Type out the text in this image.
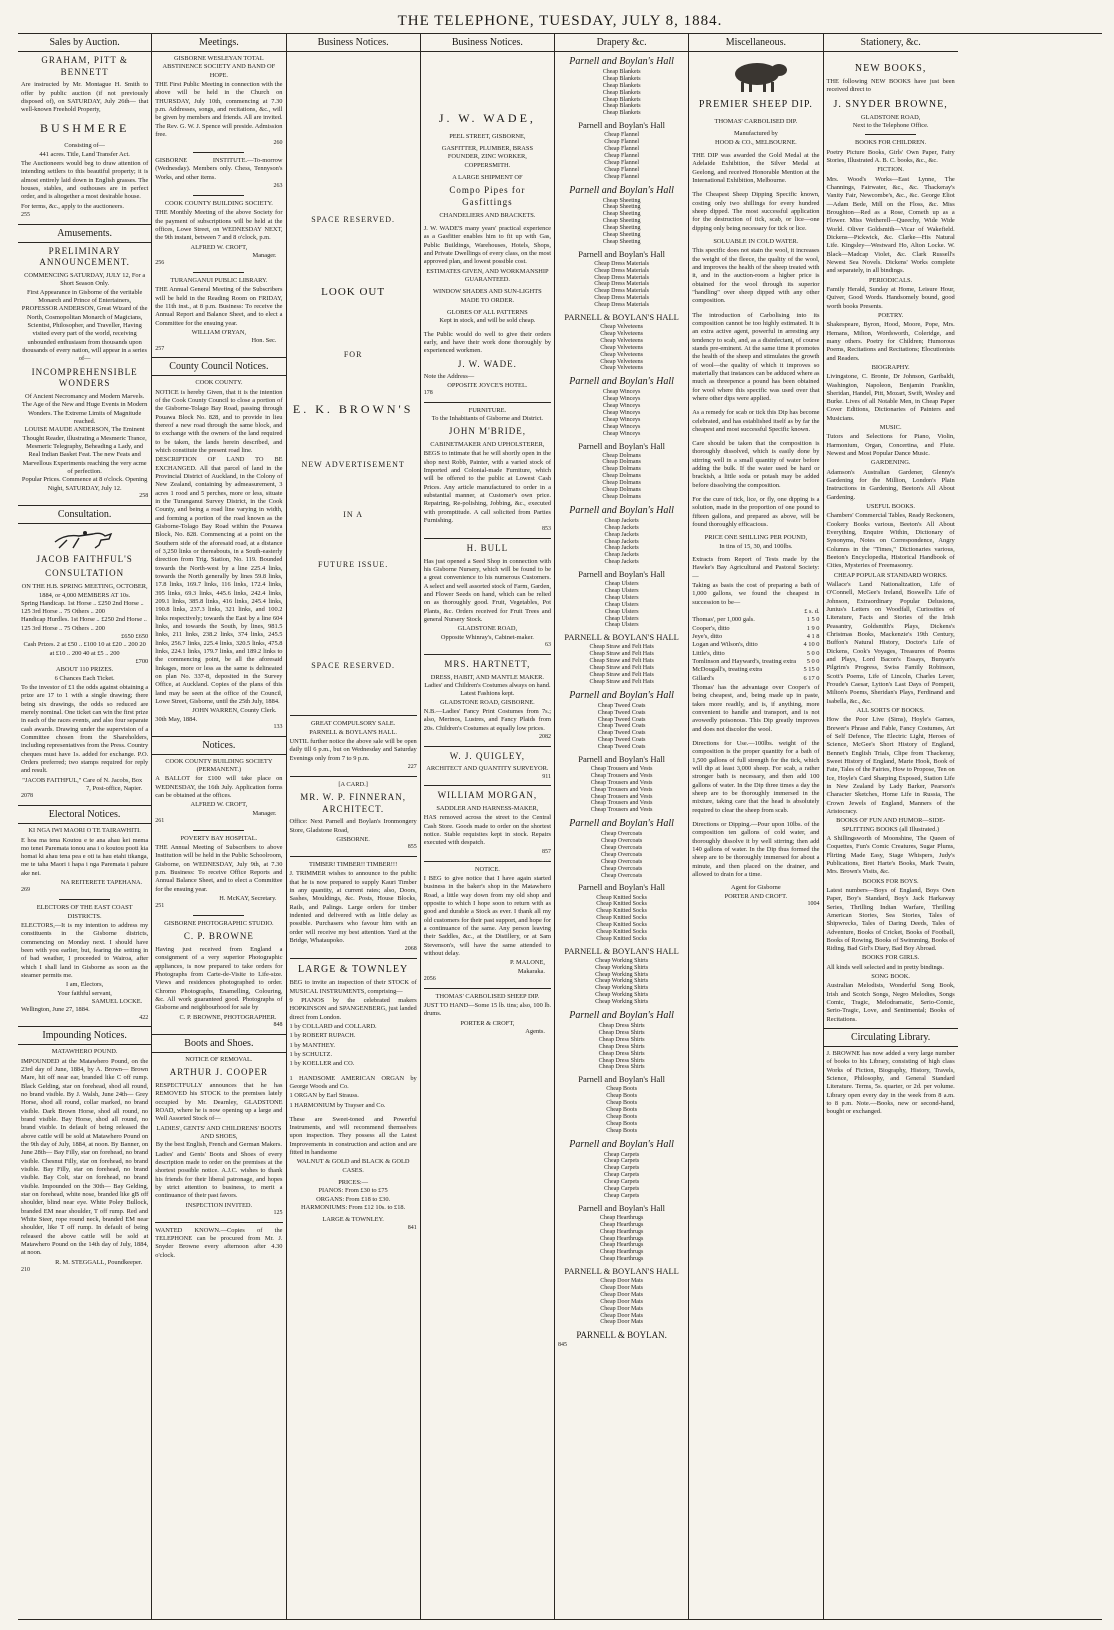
THE TELEPHONE, TUESDAY, JULY 8, 1884.
Sales by Auction.
GRAHAM, PITT & BENNETT
Are instructed by Mr. Montague H. Smith to offer by public auction (if not previously disposed of), on SATURDAY, July 26th— that well-known Freehold Property,
BUSHMERE
Consisting of—
441 acres. Title, Land Transfer Act.
The Auctioneers would beg to draw attention of intending settlers to this beautiful property; it is almost entirely laid down in English grasses. The houses, stables, and outhouses are in perfect order, and is altogether a most desirable house.
For terms, &c., apply to the auctioneers.
255
Amusements.
PRELIMINARY ANNOUNCEMENT.
COMMENCING SATURDAY, JULY 12, For a Short Season Only.
First Appearance in Gisborne of the veritable Monarch and Prince of Entertainers, PROFESSOR ANDERSON, Great Wizard of the North, Cosmopolitan Monarch of Magicians, Scientist, Philosopher, and Traveller, Having visited every part of the world, receiving unbounded enthusiasm from thousands upon thousands of every nation, will appear in a series of—
INCOMPREHENSIBLE WONDERS
Of Ancient Necromancy and Modern Marvels. The Age of the New and Huge Events in Modern Wonders. The Extreme Limits of Magnitude reached.
LOUISE MAUDE ANDERSON, The Eminent Thought Reader, illustrating a Mesmeric Trance, Mesmeric Telegraphy, Beheading a Lady, and Real Indian Basket Feat. The new Feats and Marvellous Experiments reaching the very acme of perfection.
Popular Prices. Commence at 8 o'clock. Opening Night, SATURDAY, July 12.
258
Consultation.
JACOB FAITHFUL'S
CONSULTATION
ON THE H.B. SPRING MEETING, OCTOBER, 1884, or 4,000 MEMBERS AT 10s.
Spring Handicap. 1st Horse .. £250 2nd Horse .. 125 3rd Horse .. 75 Others .. 200
Handicap Hurdles. 1st Horse .. £250 2nd Horse .. 125 3rd Horse .. 75 Others .. 200
£650 £650
Cash Prizes. 2 at £50 .. £100 10 at £20 .. 200 20 at £10 .. 200 40 at £5 .. 200
£700
ABOUT 110 PRIZES.
6 Chances Each Ticket.
To the investor of £1 the odds against obtaining a prize are 17 to 1 with a single drawing; there being six drawings, the odds so reduced are merely nominal. One ticket can win the first prize in each of the races events, and also four separate cash awards. Drawing under the supervision of a Committee chosen from the Shareholders, including representatives from the Press. Country cheques must have 1s. added for exchange. P.O. Orders preferred; two stamps required for reply and result.
"JACOB FAITHFUL," Care of N. Jacobs, Box 7, Post-office, Napier.
2078
Electoral Notices.
KI NGA IWI MAORI O TE TAIRAWHITI.
E hoa ma tena Koutou e te ana ahau kei mema mo tenei Paremata tonou ana i o koutou pooti kia homai ki ahau tena pea e oti ia hau etahi tikanga, me te taha Maori i hapa i nga Paremata i pahure ake nei.
NA REITERETE TAPEHANA.
269
ELECTORS OF THE EAST COAST DISTRICTS.
ELECTORS,—It is my intention to address my constituents in the Gisborne districts, commencing on Monday next. I should have been with you earlier, but, fearing the setting in of bad weather, I proceeded to Wairoa, after which I shall land in Gisborne as soon as the steamer permits me.
I am, Electors,
Your faithful servant,
SAMUEL LOCKE.
Wellington, June 27, 1884.
422
Impounding Notices.
MATAWHERO POUND.
IMPOUNDED at the Matawhero Pound, on the 23rd day of June, 1884, by A. Brown— Brown Mare, hit off near ear, branded like C off rump. Black Gelding, star on forehead, shod all round, no brand visible. By J. Walsh, June 24th— Grey Horse, shod all round, collar marked, no brand visible. Dark Brown Horse, shod all round, no brand visible. Bay Horse, shod all round, no brand visible. In default of being released the above cattle will be sold at Matawhero Pound on the 9th day of July, 1884, at noon. By Banner, on June 28th— Bay Filly, star on forehead, no brand visible. Chesnut Filly, star on forehead, no brand visible. Bay Filly, star on forehead, no brand visible. Bay Colt, star on forehead, no brand visible. Impounded on the 30th— Bay Gelding, star on forehead, white nose, branded like gB off shoulder, blind near eye. White Poley Bullock, branded EM near shoulder, T off rump. Red and White Steer, rope round neck, branded EM near shoulder, like T off rump. In default of being released the above cattle will be sold at Matawhero Pound on the 14th day of July, 1884, at noon.
R. M. STEGGALL, Poundkeeper.
210
Meetings.
GISBORNE WESLEYAN TOTAL ABSTINENCE SOCIETY AND BAND OF HOPE.
THE First Public Meeting in connection with the above will be held in the Church on THURSDAY, July 10th, commencing at 7.30 p.m. Addresses, songs, and recitations, &c., will be given by members and friends. All are invited. The Rev. G. W. J. Spence will preside. Admission free.
260
GISBORNE INSTITUTE.—To-morrow (Wednesday). Members only. Chess, Tennyson's Works, and other items.
263
COOK COUNTY BUILDING SOCIETY.
THE Monthly Meeting of the above Society for the payment of subscriptions will be held at the offices, Lowe Street, on WEDNESDAY NEXT, the 9th instant, between 7 and 8 o'clock, p.m.
ALFRED W. CROFT,
Manager.
256
TURANGANUI PUBLIC LIBRARY.
THE Annual General Meeting of the Subscribers will be held in the Reading Room on FRIDAY, the 11th inst., at 8 p.m. Business: To receive the Annual Report and Balance Sheet, and to elect a Committee for the ensuing year.
WILLIAM O'RYAN,
Hon. Sec.
257
County Council Notices.
COOK COUNTY.
NOTICE is hereby Given, that it is the intention of the Cook County Council to close a portion of the Gisborne-Tolago Bay Road, passing through Pouawa Block No. 828, and to provide in lieu thereof a new road through the same block, and to exchange with the owners of the land required to be taken, the lands herein described, and which constitute the present road line.
DESCRIPTION OF LAND TO BE EXCHANGED. All that parcel of land in the Provincial District of Auckland, in the Colony of New Zealand, containing by admeasurement, 3 acres 1 rood and 5 perches, more or less, situate in the Turanganui Survey District, in the Cook County, and being a road line varying in width, and forming a portion of the road known as the Gisborne-Tolago Bay Road within the Pouawa Block, No. 828. Commencing at a point on the Southern side of the aforesaid road, at a distance of 3,250 links or thereabouts, in a South-easterly direction from Trig. Station, No. 119. Bounded towards the North-west by a line 225.4 links, towards the North generally by lines 59.8 links, 17.8 links, 169.7 links, 116 links, 172.4 links, 395 links, 69.3 links, 445.6 links, 242.4 links, 209.1 links, 385.8 links, 416 links, 245.4 links, 190.8 links, 237.3 links, 321 links, and 100.2 links respectively; towards the East by a line 604 links, and towards the South, by lines, 981.5 links, 211 links, 238.2 links, 374 links, 245.5 links, 256.7 links, 225.4 links, 320.5 links, 475.8 links, 224.1 links, 179.7 links, and 189.2 links to the commencing point, be all the aforesaid linkages, more or less as the same is delineated on plan No. 337-8, deposited in the Survey Office, at Auckland. Copies of the plans of this land may be seen at the office of the Council, Lowe Street, Gisborne, until the 25th July, 1884.
JOHN WARREN, County Clerk.
30th May, 1884.
133
Notices.
COOK COUNTY BUILDING SOCIETY (PERMANENT.)
A BALLOT for £100 will take place on WEDNESDAY, the 16th July. Application forms can be obtained at the offices.
ALFRED W. CROFT,
Manager.
261
POVERTY BAY HOSPITAL.
THE Annual Meeting of Subscribers to above Institution will be held in the Public Schoolroom, Gisborne, on WEDNESDAY, July 9th, at 7.30 p.m. Business: To receive Office Reports and Annual Balance Sheet, and to elect a Committee for the ensuing year.
H. McKAY, Secretary.
251
GISBORNE PHOTOGRAPHIC STUDIO.
C. P. BROWNE
Having just received from England a consignment of a very superior Photographic appliances, is now prepared to take orders for Photographs from Carte-de-Visite to Life-size. Views and residences photographed to order. Chromo Photographs, Enamelling, Colouring, &c. All work guaranteed good. Photographs of Gisborne and neighbourhood for sale by
C. P. BROWNE, PHOTOGRAPHER.
848
Boots and Shoes.
NOTICE OF REMOVAL.
ARTHUR J. COOPER
RESPECTFULLY announces that he has REMOVED his STOCK to the premises lately occupied by Mr. Dearnley, GLADSTONE ROAD, where he is now opening up a large and Well Assorted Stock of—
LADIES', GENTS' AND CHILDRENS' BOOTS AND SHOES,
By the best English, French and German Makers.
Ladies' and Gents' Boots and Shoes of every description made to order on the premises at the shortest possible notice. A.J.C. wishes to thank his friends for their liberal patronage, and hopes by strict attention to business, to merit a continuance of their past favors.
INSPECTION INVITED.
125
WANTED KNOWN.—Copies of the TELEPHONE can be procured from Mr. J. Snyder Browne every afternoon after 4.30 o'clock.
Business Notices.
SPACE RESERVED.
LOOK OUT
FOR
E. K. BROWN'S
NEW ADVERTISEMENT
IN A
FUTURE ISSUE.
SPACE RESERVED.
GREAT COMPULSORY SALE.
PARNELL & BOYLAN'S HALL.
UNTIL further notice the above sale will be open daily till 6 p.m., but on Wednesday and Saturday Evenings only from 7 to 9 p.m.
227
[A CARD.]
MR. W. P. FINNERAN, ARCHITECT.
Office: Next Parnell and Boylan's Ironmongery Store, Gladstone Road,
GISBORNE.
855
TIMBER! TIMBER!! TIMBER!!!
J. TRIMMER wishes to announce to the public that he is now prepared to supply Kauri Timber in any quantity, at current rates; also, Doors, Sashes, Mouldings, &c. Posts, House Blocks, Rails, and Palings. Large orders for timber indented and delivered with as little delay as possible. Purchasers who favour him with an order will receive my best attention. Yard at the Bridge, Whataupoko.
2068
LARGE & TOWNLEY
BEG to invite an inspection of their STOCK of MUSICAL INSTRUMENTS, comprising—
9 PIANOS by the celebrated makers HOPKINSON and SPANGENBERG, just landed direct from London.
1 by COLLARD and COLLARD.
1 by ROBERT RUPACH.
1 by MANTHEY.
1 by SCHULTZ.
1 by KOELLER and CO.
1 HANDSOME AMERICAN ORGAN by George Woods and Co.
1 ORGAN by Earl Strauss.
1 HARMONIUM by Trayser and Co.
These are Sweet-toned and Powerful Instruments, and will recommend themselves upon inspection. They possess all the Latest Improvements in construction and action and are fitted in handsome
WALNUT & GOLD and BLACK & GOLD CASES.
PRICES:—
PIANOS: From £30 to £75
ORGANS: From £18 to £30.
HARMONIUMS: From £12 10s. to £18.
LARGE & TOWNLEY.
841
Business Notices.
J. W. WADE,
PEEL STREET, GISBORNE,
GASFITTER, PLUMBER, BRASS
FOUNDER, ZINC WORKER,
COPPERSMITH.
A LARGE SHIPMENT OF
Compo Pipes for Gasfittings
CHANDELIERS AND BRACKETS.
J. W. WADE'S many years' practical experience as a Gasfitter enables him to fit up with Gas, Public Buildings, Warehouses, Hotels, Shops, and Private Dwellings of every class, on the most approved plan, and lowest possible cost.
ESTIMATES GIVEN, AND WORKMANSHIP GUARANTEED.
WINDOW SHADES AND SUN-LIGHTS MADE TO ORDER.
GLOBES OF ALL PATTERNS
Kept in stock, and will be sold cheap.
The Public would do well to give their orders early, and have their work done thoroughly by experienced workmen.
J. W. WADE.
Note the Address—
OPPOSITE JOYCE'S HOTEL.
178
FURNITURE.
To the Inhabitants of Gisborne and District.
JOHN M'BRIDE,
CABINETMAKER AND UPHOLSTERER,
BEGS to intimate that he will shortly open in the shop next Robb, Painter, with a varied stock of Imported and Colonial-made Furniture, which will be offered to the public at Lowest Cash Prices. Any article manufactured to order in a substantial manner, at Customer's own price. Repairing, Re-polishing, Jobbing, &c., executed with promptitude. A call solicited from Parties Furnishing.
853
H. BULL
Has just opened a Seed Shop in connection with his Gisborne Nursery, which will be found to be a great convenience to his numerous Customers. A select and well assorted stock of Farm, Garden, and Flower Seeds on hand, which can be relied on as thoroughly good. Fruit, Vegetables, Pot Plants, &c. Orders received for Fruit Trees and general Nursery Stock.
GLADSTONE ROAD,
Opposite Whinray's, Cabinet-maker.
63
MRS. HARTNETT,
DRESS, HABIT, AND MANTLE MAKER.
Ladies' and Children's Costumes always on hand. Latest Fashions kept.
GLADSTONE ROAD, GISBORNE.
N.B.—Ladies' Fancy Print Costumes from 7s.; also, Merinos, Lustres, and Fancy Plaids from 20s. Children's Costumes at equally low prices.
2082
W. J. QUIGLEY,
ARCHITECT AND QUANTITY SURVEYOR.
911
WILLIAM MORGAN,
SADDLER AND HARNESS-MAKER,
HAS removed across the street to the Central Cash Store. Goods made to order on the shortest notice. Stable requisites kept in stock. Repairs executed with despatch.
857
NOTICE.
I BEG to give notice that I have again started business in the baker's shop in the Matawhero Road, a little way down from my old shop and opposite to which I hope soon to return with as good and durable a Stock as ever. I thank all my old customers for their past support, and hope for a continuance of the same. Any person leaving their Saddles, &c., at the Distillery, or at Sam Stevenson's, will have the same attended to without delay.
P. MALONE,
Makaraka.
2056
THOMAS' CARBOLISED SHEEP DIP.
JUST TO HAND—Some 15 lb. tins; also, 100 lb. drums.
PORTER & CROFT,
Agents.
Drapery &c.
Parnell and Boylan's Hall
Cheap Blankets
Cheap Blankets
Cheap Blankets
Cheap Blankets
Cheap Blankets
Cheap Blankets
Cheap Blankets
Parnell and Boylan's Hall
Cheap Flannel
Cheap Flannel
Cheap Flannel
Cheap Flannel
Cheap Flannel
Cheap Flannel
Cheap Flannel
Parnell and Boylan's Hall
Cheap Sheeting
Cheap Sheeting
Cheap Sheeting
Cheap Sheeting
Cheap Sheeting
Cheap Sheeting
Cheap Sheeting
Parnell and Boylan's Hall
Cheap Dress Materials
Cheap Dress Materials
Cheap Dress Materials
Cheap Dress Materials
Cheap Dress Materials
Cheap Dress Materials
Cheap Dress Materials
PARNELL & BOYLAN'S HALL
Cheap Velveteens
Cheap Velveteens
Cheap Velveteens
Cheap Velveteens
Cheap Velveteens
Cheap Velveteens
Cheap Velveteens
Parnell and Boylan's Hall
Cheap Winceys
Cheap Winceys
Cheap Winceys
Cheap Winceys
Cheap Winceys
Cheap Winceys
Cheap Winceys
Parnell and Boylan's Hall
Cheap Dolmans
Cheap Dolmans
Cheap Dolmans
Cheap Dolmans
Cheap Dolmans
Cheap Dolmans
Cheap Dolmans
Parnell and Boylan's Hall
Cheap Jackets
Cheap Jackets
Cheap Jackets
Cheap Jackets
Cheap Jackets
Cheap Jackets
Cheap Jackets
Parnell and Boylan's Hall
Cheap Ulsters
Cheap Ulsters
Cheap Ulsters
Cheap Ulsters
Cheap Ulsters
Cheap Ulsters
Cheap Ulsters
PARNELL & BOYLAN'S HALL
Cheap Straw and Felt Hats
Cheap Straw and Felt Hats
Cheap Straw and Felt Hats
Cheap Straw and Felt Hats
Cheap Straw and Felt Hats
Cheap Straw and Felt Hats
Parnell and Boylan's Hall
Cheap Tweed Coats
Cheap Tweed Coats
Cheap Tweed Coats
Cheap Tweed Coats
Cheap Tweed Coats
Cheap Tweed Coats
Cheap Tweed Coats
Parnell and Boylan's Hall
Cheap Trousers and Vests
Cheap Trousers and Vests
Cheap Trousers and Vests
Cheap Trousers and Vests
Cheap Trousers and Vests
Cheap Trousers and Vests
Cheap Trousers and Vests
Parnell and Boylan's Hall
Cheap Overcoats
Cheap Overcoats
Cheap Overcoats
Cheap Overcoats
Cheap Overcoats
Cheap Overcoats
Cheap Overcoats
Parnell and Boylan's Hall
Cheap Knitted Socks
Cheap Knitted Socks
Cheap Knitted Socks
Cheap Knitted Socks
Cheap Knitted Socks
Cheap Knitted Socks
Cheap Knitted Socks
PARNELL & BOYLAN'S HALL
Cheap Working Shirts
Cheap Working Shirts
Cheap Working Shirts
Cheap Working Shirts
Cheap Working Shirts
Cheap Working Shirts
Cheap Working Shirts
Parnell and Boylan's Hall
Cheap Dress Shirts
Cheap Dress Shirts
Cheap Dress Shirts
Cheap Dress Shirts
Cheap Dress Shirts
Cheap Dress Shirts
Cheap Dress Shirts
Parnell and Boylan's Hall
Cheap Boots
Cheap Boots
Cheap Boots
Cheap Boots
Cheap Boots
Cheap Boots
Cheap Boots
Parnell and Boylan's Hall
Cheap Carpets
Cheap Carpets
Cheap Carpets
Cheap Carpets
Cheap Carpets
Cheap Carpets
Cheap Carpets
Parnell and Boylan's Hall
Cheap Hearthrugs
Cheap Hearthrugs
Cheap Hearthrugs
Cheap Hearthrugs
Cheap Hearthrugs
Cheap Hearthrugs
Cheap Hearthrugs
PARNELL & BOYLAN'S HALL
Cheap Door Mats
Cheap Door Mats
Cheap Door Mats
Cheap Door Mats
Cheap Door Mats
Cheap Door Mats
Cheap Door Mats
PARNELL & BOYLAN.
845
Miscellaneous.
PREMIER SHEEP DIP.
THOMAS' CARBOLISED DIP.
Manufactured by
HOOD & CO., MELBOURNE.
THE DIP was awarded the Gold Medal at the Adelaide Exhibition, the Silver Medal at Geelong, and received Honorable Mention at the International Exhibition, Melbourne.
The Cheapest Sheep Dipping Specific known, costing only two shillings for every hundred sheep dipped. The most successful application for the destruction of tick, scab, or lice—one dipping only being necessary for tick or lice.
SOLUABLE IN COLD WATER.
This specific does not stain the wool, it increases the weight of the fleece, the quality of the wool, and improves the health of the sheep treated with it, and in the auction-room a higher price is obtained for the wool through its superior "handling" over sheep dipped with any other composition.
The introduction of Carbolising into its composition cannot be too highly estimated. It is an extra active agent, powerful in arresting any tendency to scab, and, as a disinfectant, of course stands pre-eminent. At the same time it promotes the health of the sheep and stimulates the growth of wool—the quality of which it improves so materially that instances can be adduced where as much as threepence a pound has been obtained for wool where this specific was used over that where other dips were applied.
As a remedy for scab or tick this Dip has become celebrated, and has established itself as by far the cheapest and most successful Specific known.
Care should be taken that the composition is thoroughly dissolved, which is easily done by stirring well in a small quantity of water before adding the bulk. If the water used be hard or brackish, a little soda or potash may be added before dissolving the composition.
For the cure of tick, lice, or fly, one dipping is a solution, made in the proportion of one pound to fifteen gallons, and prepared as above, will be found thoroughly efficacious.
PRICE ONE SHILLING PER POUND,
In tins of 15, 30, and 100lbs.
Extracts from Report of Tests made by the Hawke's Bay Agricultural and Pastoral Society:—
Taking as basis the cost of preparing a bath of 1,000 gallons, we found the cheapest in succession to be—
£ s. d.
Thomas', per 1,000 gals.	1 5 0
Cooper's, ditto	1 9 0
Jeye's, ditto	4 1 8
Logan and Wilson's, ditto	4 10 0
Little's, ditto	5 0 0
Tomlinson and Hayward's, treating extra 5 0 0
McDougall's, treating extra	5 15 0
Gillard's	6 17 0
Thomas' has the advantage over Cooper's of being cheapest, and, being made up in paste, takes more readily, and is, if anything, more convenient to handle and transport, and is not avowedly poisonous. This Dip greatly improves and does not discolor the wool.
Directions for Use.—100lbs. weight of the composition is the proper quantity for a bath of 1,500 gallons of full strength for the tick, which will dip at least 3,000 sheep. For scab, a rather stronger bath is necessary, and then add 100 gallons of water. In the Dip three times a day the sheep are to be thoroughly immersed in the mixture, taking care that the head is absolutely required to clear the sheep from scab.
Directions or Dipping.—Pour upon 10lbs. of the composition ten gallons of cold water, and thoroughly dissolve it by well stirring; then add 140 gallons of water. In the Dip thus formed the sheep are to be thoroughly immersed for about a minute, and then placed on the drainer, and allowed to drain for a time.
Agent for Gisborne
PORTER AND CROFT.
1004
Stationery, &c.
NEW BOOKS,
THE following NEW BOOKS have just been received direct to
J. SNYDER BROWNE,
GLADSTONE ROAD,
Next to the Telephone Office.
BOOKS FOR CHILDREN.
Poetry Picture Books, Girls' Own Paper, Fairy Stories, Illustrated A. B. C. books, &c., &c.
FICTION.
Mrs. Wood's Works—East Lynne, The Channings, Fairwater, &c., &c. Thackeray's Vanity Fair, Newcombe's, &c., &c. George Eliot—Adam Bede, Mill on the Floss, &c. Miss Broughton—Red as a Rose, Cometh up as a Flower. Miss Wetherell—Queechy, Wide Wide World. Oliver Goldsmith—Vicar of Wakefield. Dickens—Pickwick, &c. Clarke—His Natural Life. Kingsley—Westward Ho, Alton Locke. W. Black—Madcap Violet, &c. Clark Russell's Newest Sea Novels. Dickens' Works complete and separately, in all bindings.
PERIODICALS.
Family Herald, Sunday at Home, Leisure Hour, Quiver, Good Words. Handsomely bound, good worth books Presents.
POETRY.
Shakespeare, Byron, Hood, Moore, Pope, Mrs. Hemans, Milton, Wordsworth, Coleridge, and many others. Poetry for Children; Humorous Poems, Recitations and Recitations; Elocutionists and Readers.
BIOGRAPHY.
Livingstone, C. Bronte, Dr Johnson, Garibaldi, Washington, Napoleon, Benjamin Franklin, Sheridan, Handel, Pitt, Mozart, Swift, Wesley and Burke. Lives of all Notable Men, in Cheap Paper Cover Editions, Dictionaries of Painters and Musicians.
MUSIC.
Tutors and Selections for Piano, Violin, Harmonium, Organ, Concertina, and Flute. Newest and Most Popular Dance Music.
GARDENING.
Adamson's Australian Gardener, Glenny's Gardening for the Million, London's Plain Instructions in Gardening, Beeton's All About Gardening.
USEFUL BOOKS.
Chambers' Commercial Tables, Ready Reckoners, Cookery Books various, Beeton's All About Everything, Enquire Within, Dictionary of Synonyms, Notes on Correspondence, Angry Columns in the "Times," Dictionaries various, Beeton's Encyclopedia, Historical Handbook of Cities, Mysteries of Freemasonry.
CHEAP POPULAR STANDARD WORKS.
Wallace's Land Nationalization, Life of O'Connell, McGee's Ireland, Boswell's Life of Johnson, Extraordinary Popular Delusions, Junius's Letters on Woodfall, Curiosities of Literature, Facts and Stories of the Irish Peasantry, Goldsmith's Plays, Dickens's Christmas Books, Mackenzie's 19th Century, Buffon's Natural History, Doctor's Life of Dickens, Cook's Voyages, Treasures of Poems and Plays, Lord Bacon's Essays, Bunyan's Pilgrim's Progress, Swiss Family Robinson, Scott's Poems, Life of Lincoln, Charles Lever, Froude's Caesar, Lytton's Last Days of Pompeii, Milton's Poems, Sheridan's Plays, Ferdinand and Isabella, &c., &c.
ALL SORTS OF BOOKS.
How the Poor Live (Sims), Hoyle's Games, Brewer's Phrase and Fable, Fancy Costumes, Art of Self Defence, The Electric Light, Heroes of Science, McGee's Short History of England, Bennet's English Trials, Clipe from Thackeray, Sweet History of England, Marie Hook, Book of Fate, Tales of the Fairies, How to Propose, Ten on Ice, Hoyle's Card Sharping Exposed, Station Life in New Zealand by Lady Barker, Pearson's Character Sketches, Home Life in Russia, The Crown Jewels of England, Manners of the Aristocracy.
BOOKS OF FUN AND HUMOR—SIDE-SPLITTING BOOKS (all Illustrated.)
A Shillingsworth of Moonshine, The Queen of Coquettes, Fun's Comic Creatures, Sugar Plums, Flirting Made Easy, Stage Whispers, Judy's Publications, Bret Harte's Books, Mark Twain, Mrs. Brown's Visits, &c.
BOOKS FOR BOYS.
Latest numbers—Boys of England, Boys Own Paper, Boy's Standard, Boy's Jack Harkaway Series, Thrilling Indian Warfare, Thrilling American Stories, Sea Stories, Tales of Shipwrecks, Tales of Daring Deeds, Tales of Adventure, Books of Cricket, Books of Football, Books of Rowing, Books of Swimming, Books of Riding, Bad Girl's Diary, Bad Boy Abroad.
BOOKS FOR GIRLS.
All kinds well selected and in pretty bindings.
SONG BOOK.
Australian Melodists, Wonderful Song Book, Irish and Scotch Songs, Negro Melodies, Songs Comic, Tragic, Melodramatic, Serio-Comic, Serio-Tragic, Love, and Sentimental; Books of Recitations.
Circulating Library.
J. BROWNE has now added a very large number of books to his Library, consisting of high class Works of Fiction, Biography, History, Travels, Science, Philosophy, and General Standard Literature. Terms, 5s. quarter, or 2d. per volume. Library open every day in the week from 8 a.m. to 8 p.m. Note.—Books, new or second-hand, bought or exchanged.
